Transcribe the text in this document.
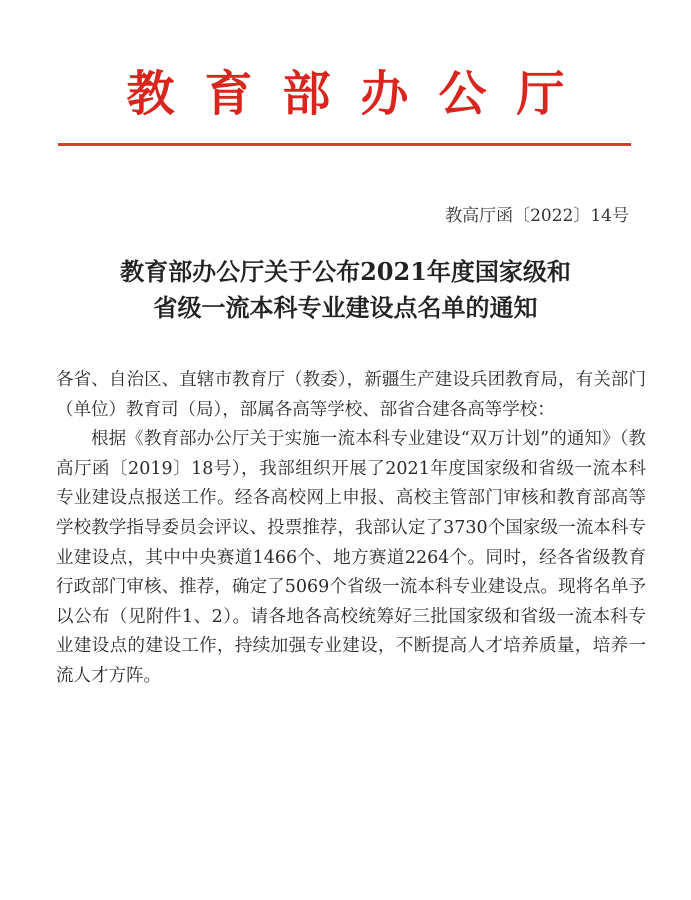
教育部办公厅
教高厅函〔2022〕14号
教育部办公厅关于公布2021年度国家级和
省级一流本科专业建设点名单的通知

各省、自治区、直辖市教育厅（教委），新疆生产建设兵团教育局，有关部门（单位）教育司（局），部属各高等学校、部省合建各高等学校：

根据《教育部办公厅关于实施一流本科专业建设“双万计划”的通知》（教高厅函〔2019〕18号），我部组织开展了2021年度国家级和省级一流本科专业建设点报送工作。经各高校网上申报、高校主管部门审核和教育部高等学校教学指导委员会评议、投票推荐，我部认定了3730个国家级一流本科专业建设点，其中中央赛道1466个、地方赛道2264个。同时，经各省级教育行政部门审核、推荐，确定了5069个省级一流本科专业建设点。现将名单予以公布（见附件1、2）。请各地各高校统筹好三批国家级和省级一流本科专业建设点的建设工作，持续加强专业建设，不断提高人才培养质量，培养一流人才方阵。
